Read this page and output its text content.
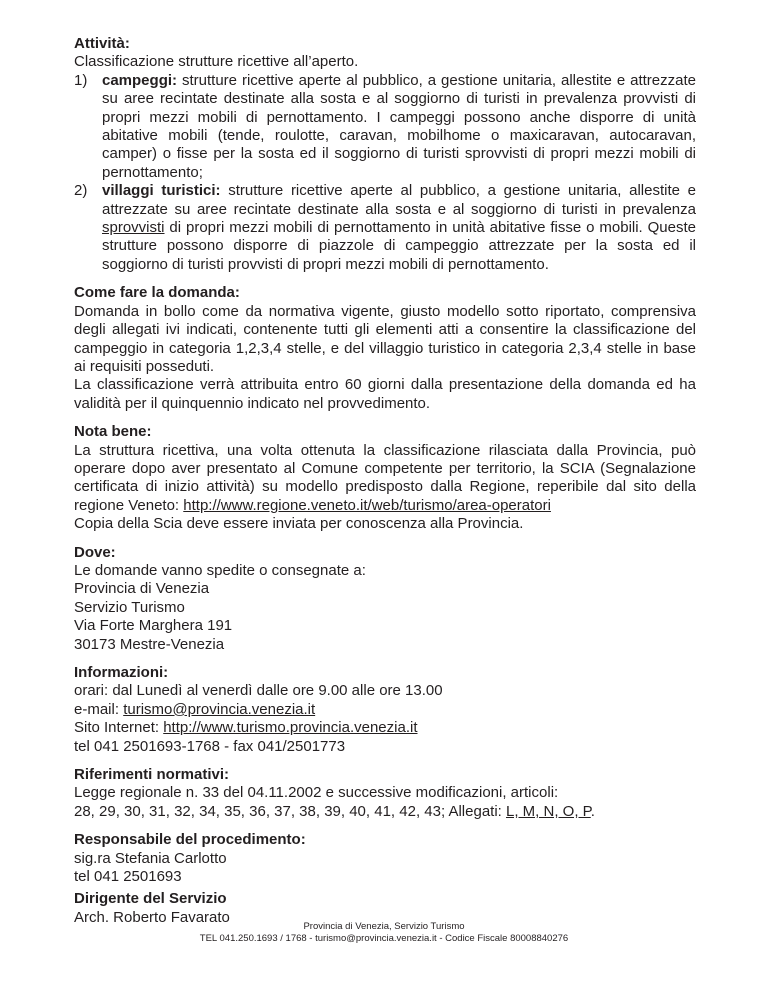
Attività:
Classificazione strutture ricettive all’aperto.
1) campeggi: strutture ricettive aperte al pubblico, a gestione unitaria, allestite e attrezzate su aree recintate destinate alla sosta e al soggiorno di turisti in prevalenza provvisti di propri mezzi mobili di pernottamento. I campeggi possono anche disporre di unità abitative mobili (tende, roulotte, caravan, mobilhome o maxicaravan, autocaravan, camper) o fisse per la sosta ed il soggiorno di turisti sprovvisti di propri mezzi mobili di pernottamento;
2) villaggi turistici: strutture ricettive aperte al pubblico, a gestione unitaria, allestite e attrezzate su aree recintate destinate alla sosta e al soggiorno di turisti in prevalenza sprovvisti di propri mezzi mobili di pernottamento in unità abitative fisse o mobili. Queste strutture possono disporre di piazzole di campeggio attrezzate per la sosta ed il soggiorno di turisti provvisti di propri mezzi mobili di pernottamento.
Come fare la domanda:
Domanda in bollo come da normativa vigente, giusto modello sotto riportato, comprensiva degli allegati ivi indicati, contenente tutti gli elementi atti a consentire la classificazione del campeggio in categoria 1,2,3,4 stelle, e del villaggio turistico in categoria 2,3,4 stelle in base ai requisiti posseduti.
La classificazione verrà attribuita entro 60 giorni dalla presentazione della domanda ed ha validità per il quinquennio indicato nel provvedimento.
Nota bene:
La struttura ricettiva, una volta ottenuta la classificazione rilasciata dalla Provincia, può operare dopo aver presentato al Comune competente per territorio, la SCIA (Segnalazione certificata di inizio attività) su modello predisposto dalla Regione, reperibile dal sito della regione Veneto: http://www.regione.veneto.it/web/turismo/area-operatori
Copia della Scia deve essere inviata per conoscenza alla Provincia.
Dove:
Le domande vanno spedite o consegnate a:
Provincia di Venezia
Servizio Turismo
Via Forte Marghera 191
30173 Mestre-Venezia
Informazioni:
orari: dal Lunedì al venerdì dalle ore 9.00 alle ore 13.00
e-mail: turismo@provincia.venezia.it
Sito Internet: http://www.turismo.provincia.venezia.it
tel 041 2501693-1768 - fax 041/2501773
Riferimenti normativi:
Legge regionale n. 33 del 04.11.2002 e successive modificazioni, articoli:
28, 29, 30, 31, 32, 34, 35, 36, 37, 38, 39, 40, 41, 42, 43; Allegati: L, M, N, O, P.
Responsabile del procedimento:
sig.ra Stefania Carlotto
tel 041 2501693
Dirigente del Servizio
Arch. Roberto Favarato
Provincia di Venezia, Servizio Turismo
TEL 041.250.1693 / 1768 - turismo@provincia.venezia.it - Codice Fiscale 80008840276
